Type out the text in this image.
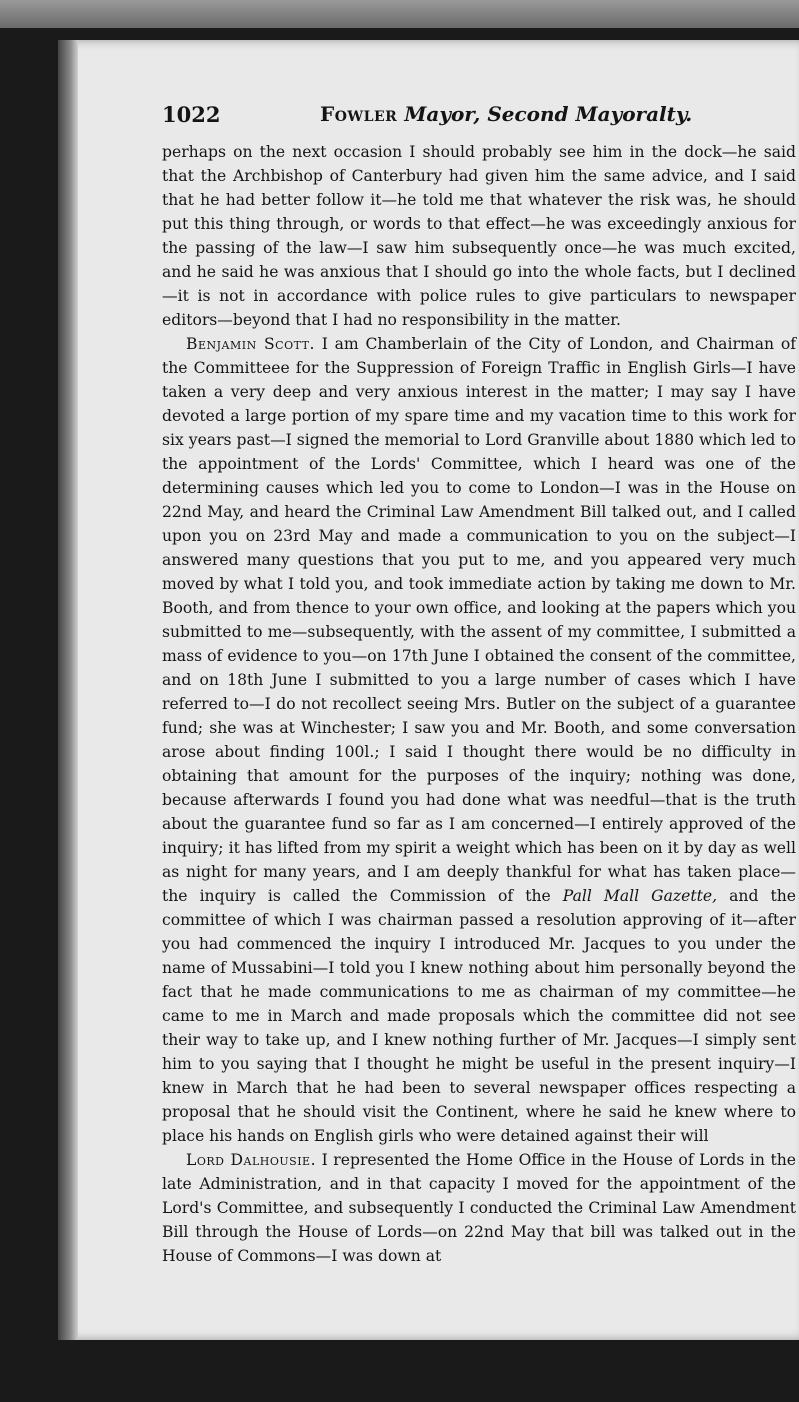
1022	Fowler Mayor, Second Mayoralty.

perhaps on the next occasion I should probably see him in the dock—he said that the Archbishop of Canterbury had given him the same advice, and I said that he had better follow it—he told me that whatever the risk was, he should put this thing through, or words to that effect—he was exceedingly anxious for the passing of the law—I saw him subsequently once—he was much excited, and he said he was anxious that I should go into the whole facts, but I declined—it is not in accordance with police rules to give particulars to newspaper editors—beyond that I had no responsibility in the matter.

Benjamin Scott. I am Chamberlain of the City of London, and Chairman of the Committeee for the Suppression of Foreign Traffic in English Girls—I have taken a very deep and very anxious interest in the matter; I may say I have devoted a large portion of my spare time and my vacation time to this work for six years past—I signed the memorial to Lord Granville about 1880 which led to the appointment of the Lords' Committee, which I heard was one of the determining causes which led you to come to London—I was in the House on 22nd May, and heard the Criminal Law Amendment Bill talked out, and I called upon you on 23rd May and made a communication to you on the subject—I answered many questions that you put to me, and you appeared very much moved by what I told you, and took immediate action by taking me down to Mr. Booth, and from thence to your own office, and looking at the papers which you submitted to me—subsequently, with the assent of my committee, I submitted a mass of evidence to you—on 17th June I obtained the consent of the committee, and on 18th June I submitted to you a large number of cases which I have referred to—I do not recollect seeing Mrs. Butler on the subject of a guarantee fund; she was at Winchester; I saw you and Mr. Booth, and some conversation arose about finding 100l.; I said I thought there would be no difficulty in obtaining that amount for the purposes of the inquiry; nothing was done, because afterwards I found you had done what was needful—that is the truth about the guarantee fund so far as I am concerned—I entirely approved of the inquiry; it has lifted from my spirit a weight which has been on it by day as well as night for many years, and I am deeply thankful for what has taken place—the inquiry is called the Commission of the Pall Mall Gazette, and the committee of which I was chairman passed a resolution approving of it—after you had commenced the inquiry I introduced Mr. Jacques to you under the name of Mussabini—I told you I knew nothing about him personally beyond the fact that he made communications to me as chairman of my committee—he came to me in March and made proposals which the committee did not see their way to take up, and I knew nothing further of Mr. Jacques—I simply sent him to you saying that I thought he might be useful in the present inquiry—I knew in March that he had been to several newspaper offices respecting a proposal that he should visit the Continent, where he said he knew where to place his hands on English girls who were detained against their will

Lord Dalhousie. I represented the Home Office in the House of Lords in the late Administration, and in that capacity I moved for the appointment of the Lord's Committee, and subsequently I conducted the Criminal Law Amendment Bill through the House of Lords—on 22nd May that bill was talked out in the House of Commons—I was down at
